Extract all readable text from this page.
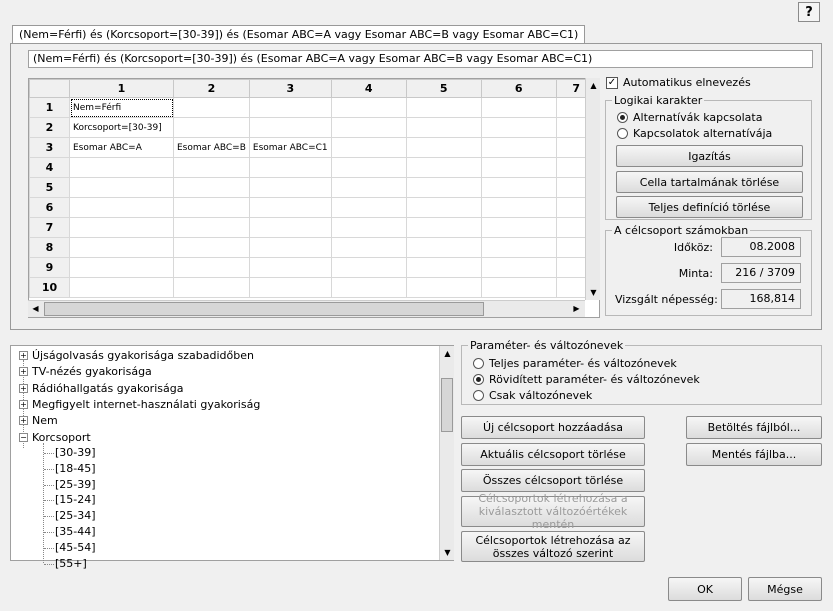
?
(Nem=Férfi) és (Korcsoport=[30-39]) és (Esomar ABC=A vagy Esomar ABC=B vagy Esomar ABC=C1)
(Nem=Férfi) és (Korcsoport=[30-39]) és (Esomar ABC=A vagy Esomar ABC=B vagy Esomar ABC=C1)
	1	2	3	4	5	6	7
1	Nem=Férfi						
2	Korcsoport=[30-39]						
3	Esomar ABC=A	Esomar ABC=B	Esomar ABC=C1				
4							
5							
6							
7							
8							
9							
10							
▲
▼
◀	▶
✓ Automatikus elnevezés
Logikai karakter
Alternatívák kapcsolata
Kapcsolatok alternatívája
Igazítás
Cella tartalmának törlése
Teljes definíció törlése
A célcsoport számokban
Időköz:	08.2008
Minta:	216 / 3709
Vizsgált népesség:	168,814
+ Újságolvasás gyakorisága szabadidőben
+ TV-nézés gyakorisága
+ Rádióhallgatás gyakorisága
+ Megfigyelt internet-használati gyakoriság
+ Nem
− Korcsoport
[30-39]
[18-45]
[25-39]
[15-24]
[25-34]
[35-44]
[45-54]
[55+]
▲
▼
Paraméter- és változónevek
Teljes paraméter- és változónevek
Rövidített paraméter- és változónevek
Csak változónevek
Új célcsoport hozzáadása
Aktuális célcsoport törlése
Összes célcsoport törlése
Célcsoportok létrehozása a kiválasztott változóértékek mentén
Célcsoportok létrehozása az összes változó szerint
Betöltés fájlból...
Mentés fájlba...
OK	Mégse
